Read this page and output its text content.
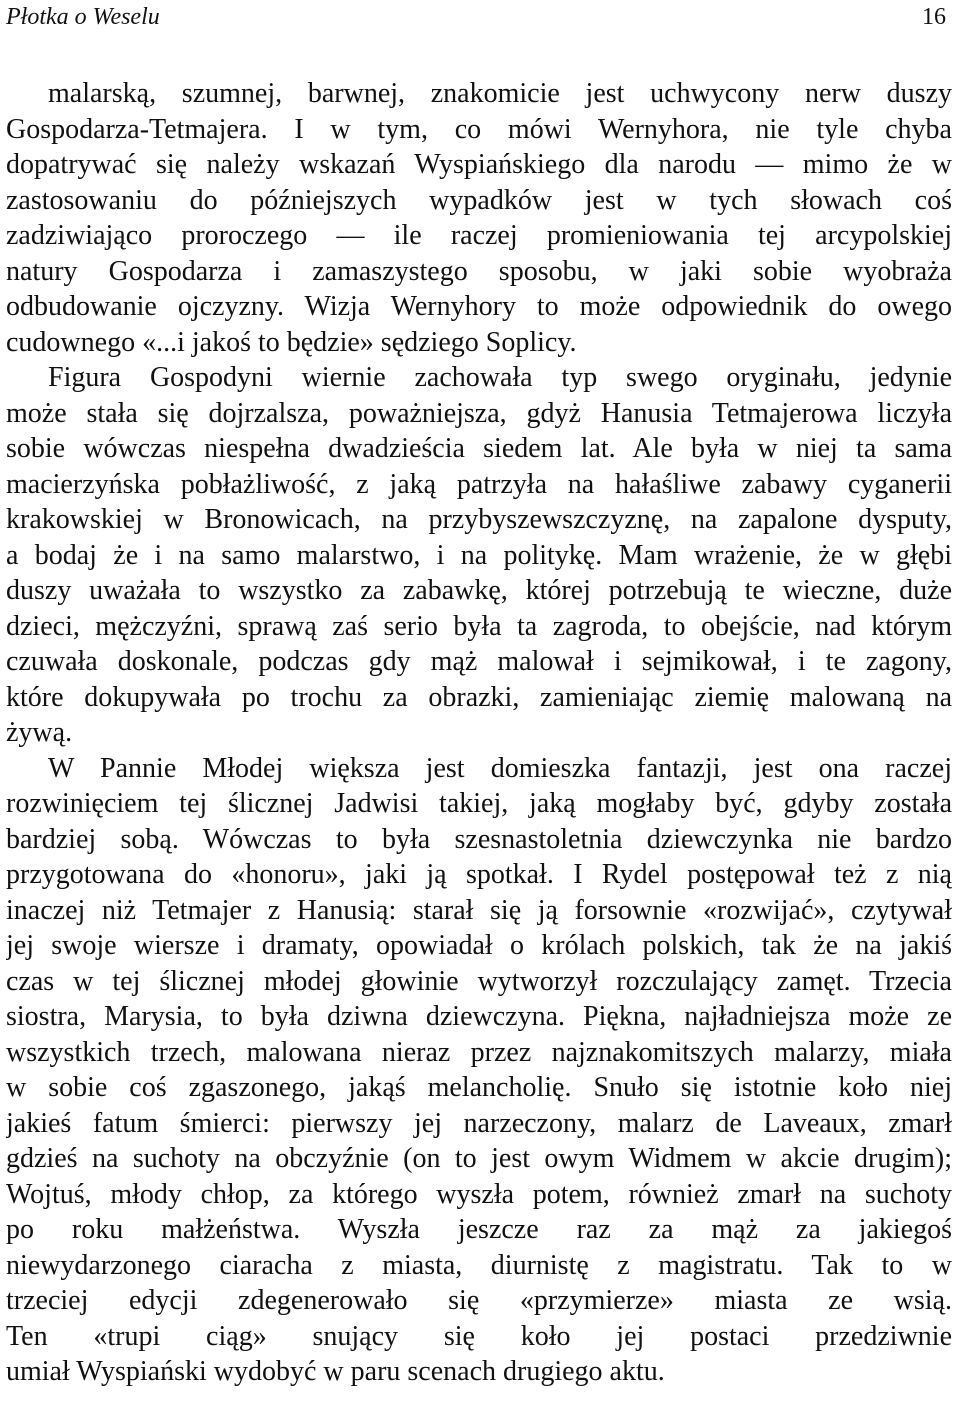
Płotka o Weselu	16
malarską, szumnej, barwnej, znakomicie jest uchwycony nerw duszy
Gospodarza-Tetmajera. I w tym, co mówi Wernyhora, nie tyle chyba
dopatrywać się należy wskazań Wyspiańskiego dla narodu — mimo że w
zastosowaniu do późniejszych wypadków jest w tych słowach coś
zadziwiająco proroczego — ile raczej promieniowania tej arcypolskiej
natury Gospodarza i zamaszystego sposobu, w jaki sobie wyobraża
odbudowanie ojczyzny. Wizja Wernyhory to może odpowiednik do owego
cudownego «...i jakoś to będzie» sędziego Soplicy.
Figura Gospodyni wiernie zachowała typ swego oryginału, jedynie
może stała się dojrzalsza, poważniejsza, gdyż Hanusia Tetmajerowa liczyła
sobie wówczas niespełna dwadzieścia siedem lat. Ale była w niej ta sama
macierzyńska pobłażliwość, z jaką patrzyła na hałaśliwe zabawy cyganerii
krakowskiej w Bronowicach, na przybyszewszczyznę, na zapalone dysputy,
a bodaj że i na samo malarstwo, i na politykę. Mam wrażenie, że w głębi
duszy uważała to wszystko za zabawkę, której potrzebują te wieczne, duże
dzieci, mężczyźni, sprawą zaś serio była ta zagroda, to obejście, nad którym
czuwała doskonale, podczas gdy mąż malował i sejmikował, i te zagony,
które dokupywała po trochu za obrazki, zamieniając ziemię malowaną na
żywą.
W Pannie Młodej większa jest domieszka fantazji, jest ona raczej
rozwinięciem tej ślicznej Jadwisi takiej, jaką mogłaby być, gdyby została
bardziej sobą. Wówczas to była szesnastoletnia dziewczynka nie bardzo
przygotowana do «honoru», jaki ją spotkał. I Rydel postępował też z nią
inaczej niż Tetmajer z Hanusią: starał się ją forsownie «rozwijać», czytywał
jej swoje wiersze i dramaty, opowiadał o królach polskich, tak że na jakiś
czas w tej ślicznej młodej głowinie wytworzył rozczulający zamęt. Trzecia
siostra, Marysia, to była dziwna dziewczyna. Piękna, najładniejsza może ze
wszystkich trzech, malowana nieraz przez najznakomitszych malarzy, miała
w sobie coś zgaszonego, jakąś melancholię. Snuło się istotnie koło niej
jakieś fatum śmierci: pierwszy jej narzeczony, malarz de Laveaux, zmarł
gdzieś na suchoty na obczyźnie (on to jest owym Widmem w akcie drugim);
Wojtuś, młody chłop, za którego wyszła potem, również zmarł na suchoty
po roku małżeństwa. Wyszła jeszcze raz za mąż za jakiegoś
niewydarzonego ciaracha z miasta, diurnistę z magistratu. Tak to w
trzeciej edycji zdegenerowało się «przymierze» miasta ze wsią.
Ten «trupi ciąg» snujący się koło jej postaci przedziwnie
umiał Wyspiański wydobyć w paru scenach drugiego aktu.
